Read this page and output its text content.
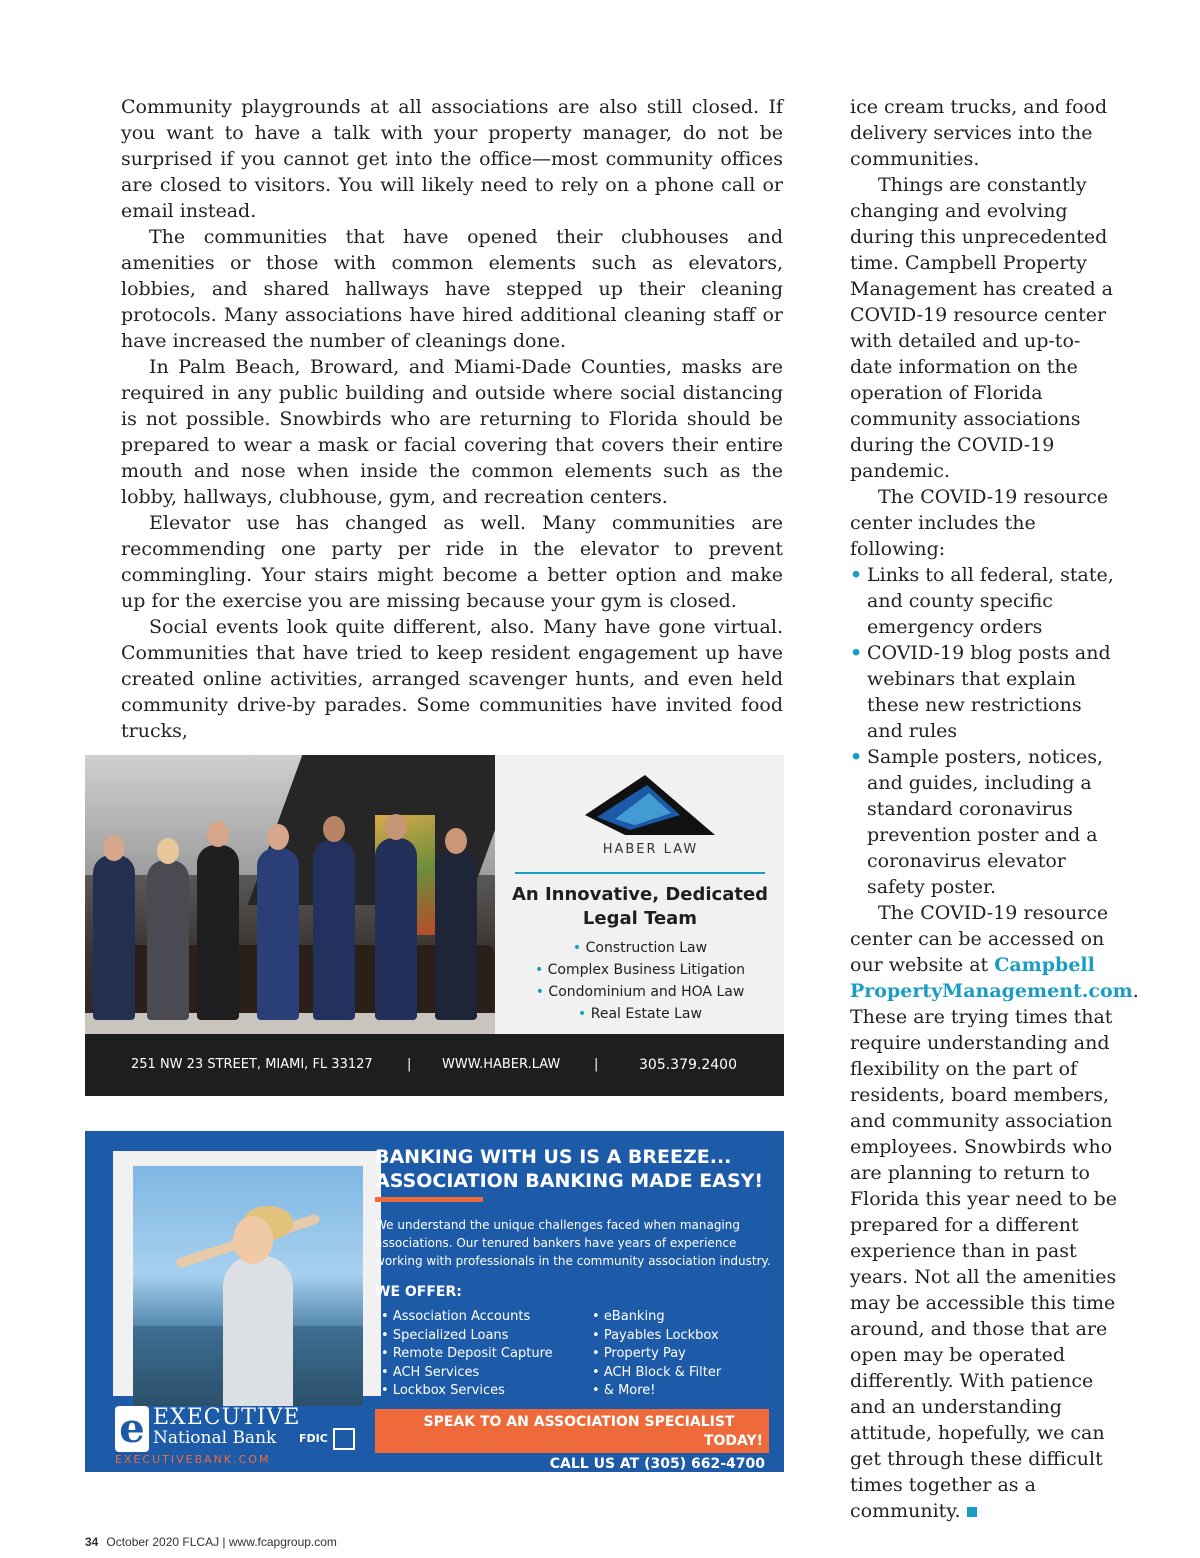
Community playgrounds at all associations are also still closed. If you want to have a talk with your property manager, do not be surprised if you cannot get into the office—most community offices are closed to visitors. You will likely need to rely on a phone call or email instead.

The communities that have opened their clubhouses and amenities or those with common elements such as elevators, lobbies, and shared hallways have stepped up their cleaning protocols. Many associations have hired additional cleaning staff or have increased the number of cleanings done.

In Palm Beach, Broward, and Miami-Dade Counties, masks are required in any public building and outside where social distancing is not possible. Snowbirds who are returning to Florida should be prepared to wear a mask or facial covering that covers their entire mouth and nose when inside the common elements such as the lobby, hallways, clubhouse, gym, and recreation centers.

Elevator use has changed as well. Many communities are recommending one party per ride in the elevator to prevent commingling. Your stairs might become a better option and make up for the exercise you are missing because your gym is closed.

Social events look quite different, also. Many have gone virtual. Communities that have tried to keep resident engagement up have created online activities, arranged scavenger hunts, and even held community drive-by parades. Some communities have invited food trucks,

ice cream trucks, and food delivery services into the communities.

Things are constantly changing and evolving during this unprecedented time. Campbell Property Management has created a COVID-19 resource center with detailed and up-to-date information on the operation of Florida community associations during the COVID-19 pandemic.

The COVID-19 resource center includes the following:

• Links to all federal, state, and county specific emergency orders
• COVID-19 blog posts and webinars that explain these new restrictions and rules
• Sample posters, notices, and guides, including a standard coronavirus prevention poster and a coronavirus elevator safety poster.

The COVID-19 resource center can be accessed on our website at Campbell PropertyManagement.com. These are trying times that require understanding and flexibility on the part of residents, board members, and community association employees. Snowbirds who are planning to return to Florida this year need to be prepared for a different experience than in past years. Not all the amenities may be accessible this time around, and those that are open may be operated differently. With patience and an understanding attitude, hopefully, we can get through these difficult times together as a community.

HABER LAW
An Innovative, Dedicated Legal Team
• Construction Law
• Complex Business Litigation
• Condominium and HOA Law
• Real Estate Law
251 NW 23 STREET, MIAMI, FL 33127	| WWW.HABER.LAW	|	305.379.2400
e EXECUTIVE
National Bank
EXECUTIVEBANK.COM
FDIC
BANKING WITH US IS A BREEZE...
ASSOCIATION BANKING MADE EASY!
We understand the unique challenges faced when managing associations. Our tenured bankers have years of experience working with professionals in the community association industry.
WE OFFER:
• Association Accounts
• Specialized Loans
• Remote Deposit Capture
• ACH Services
• Lockbox Services
• eBanking
• Payables Lockbox
• Property Pay
• ACH Block & Filter
• & More!
SPEAK TO AN ASSOCIATION SPECIALIST
TODAY!
CALL US AT (305) 662-4700
34 October 2020 FLCAJ | www.fcapgroup.com
